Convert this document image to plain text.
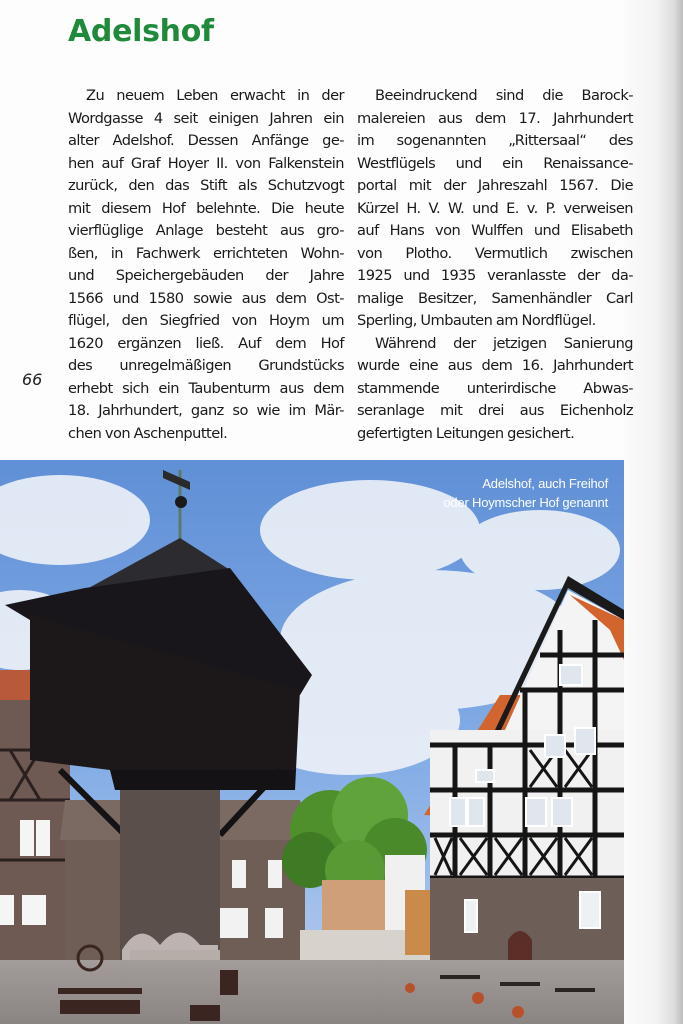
Adelshof
66
Zu neuem Leben erwacht in der
Wordgasse 4 seit einigen Jahren ein
alter Adelshof. Dessen Anfänge ge-
hen auf Graf Hoyer II. von Falkenstein
zurück, den das Stift als Schutzvogt
mit diesem Hof belehnte. Die heute
vierflüglige Anlage besteht aus gro-
ßen, in Fachwerk errichteten Wohn-
und Speichergebäuden der Jahre
1566 und 1580 sowie aus dem Ost-
flügel, den Siegfried von Hoym um
1620 ergänzen ließ. Auf dem Hof
des unregelmäßigen Grundstücks
erhebt sich ein Taubenturm aus dem
18. Jahrhundert, ganz so wie im Mär-
chen von Aschenputtel.
Beeindruckend sind die Barock-
malereien aus dem 17. Jahrhundert
im sogenannten „Rittersaal“ des
Westflügels und ein Renaissance-
portal mit der Jahreszahl 1567. Die
Kürzel H. V. W. und E. v. P. verweisen
auf Hans von Wulffen und Elisabeth
von Plotho. Vermutlich zwischen
1925 und 1935 veranlasste der da-
malige Besitzer, Samenhändler Carl
Sperling, Umbauten am Nordflügel.
Während der jetzigen Sanierung
wurde eine aus dem 16. Jahrhundert
stammende unterirdische Abwas-
seranlage mit drei aus Eichenholz
gefertigten Leitungen gesichert.
Adelshof, auch Freihof
oder Hoymscher Hof genannt
